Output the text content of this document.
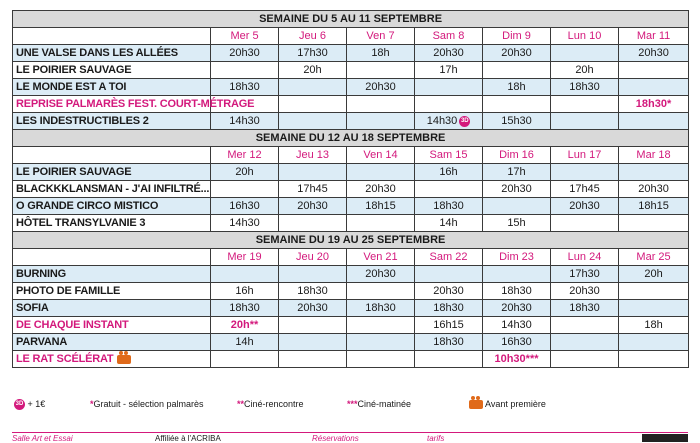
SEMAINE DU 5 AU 11 SEPTEMBRE							
	Mer 5	Jeu 6	Ven 7	Sam 8	Dim 9	Lun 10	Mar 11
UNE VALSE DANS LES ALLÉES	20h30	17h30	18h	20h30	20h30		20h30
LE POIRIER SAUVAGE		20h		17h		20h	
LE MONDE EST A TOI	18h30		20h30		18h	18h30	
REPRISE PALMARÈS FEST. COURT-MÉTRAGE							18h30*
LES INDESTRUCTIBLES 2	14h30			14h30 3D	15h30		
SEMAINE DU 12 AU 18 SEPTEMBRE							
	Mer 12	Jeu 13	Ven 14	Sam 15	Dim 16	Lun 17	Mar 18
LE POIRIER SAUVAGE	20h			16h	17h		
BLACKKKLANSMAN - J'AI INFILTRÉ...		17h45	20h30		20h30	17h45	20h30
O GRANDE CIRCO MISTICO	16h30	20h30	18h15	18h30		20h30	18h15
HÔTEL TRANSYLVANIE 3	14h30			14h	15h		
SEMAINE DU 19 AU 25 SEPTEMBRE							
	Mer 19	Jeu 20	Ven 21	Sam 22	Dim 23	Lun 24	Mar 25
BURNING			20h30			17h30	20h
PHOTO DE FAMILLE	16h	18h30		20h30	18h30	20h30	
SOFIA	18h30	20h30	18h30	18h30	20h30	18h30	
DE CHAQUE INSTANT	20h**			16h15	14h30		18h
PARVANA	14h			18h30	16h30		
LE RAT SCÉLÉRAT					10h30***		
3D + 1€	*Gratuit - sélection palmarès	**Ciné-rencontre	***Ciné-matinée	Avant première
Salle Art et Essai	Affiliée à l'ACRIBA	Réservations	tarifs
